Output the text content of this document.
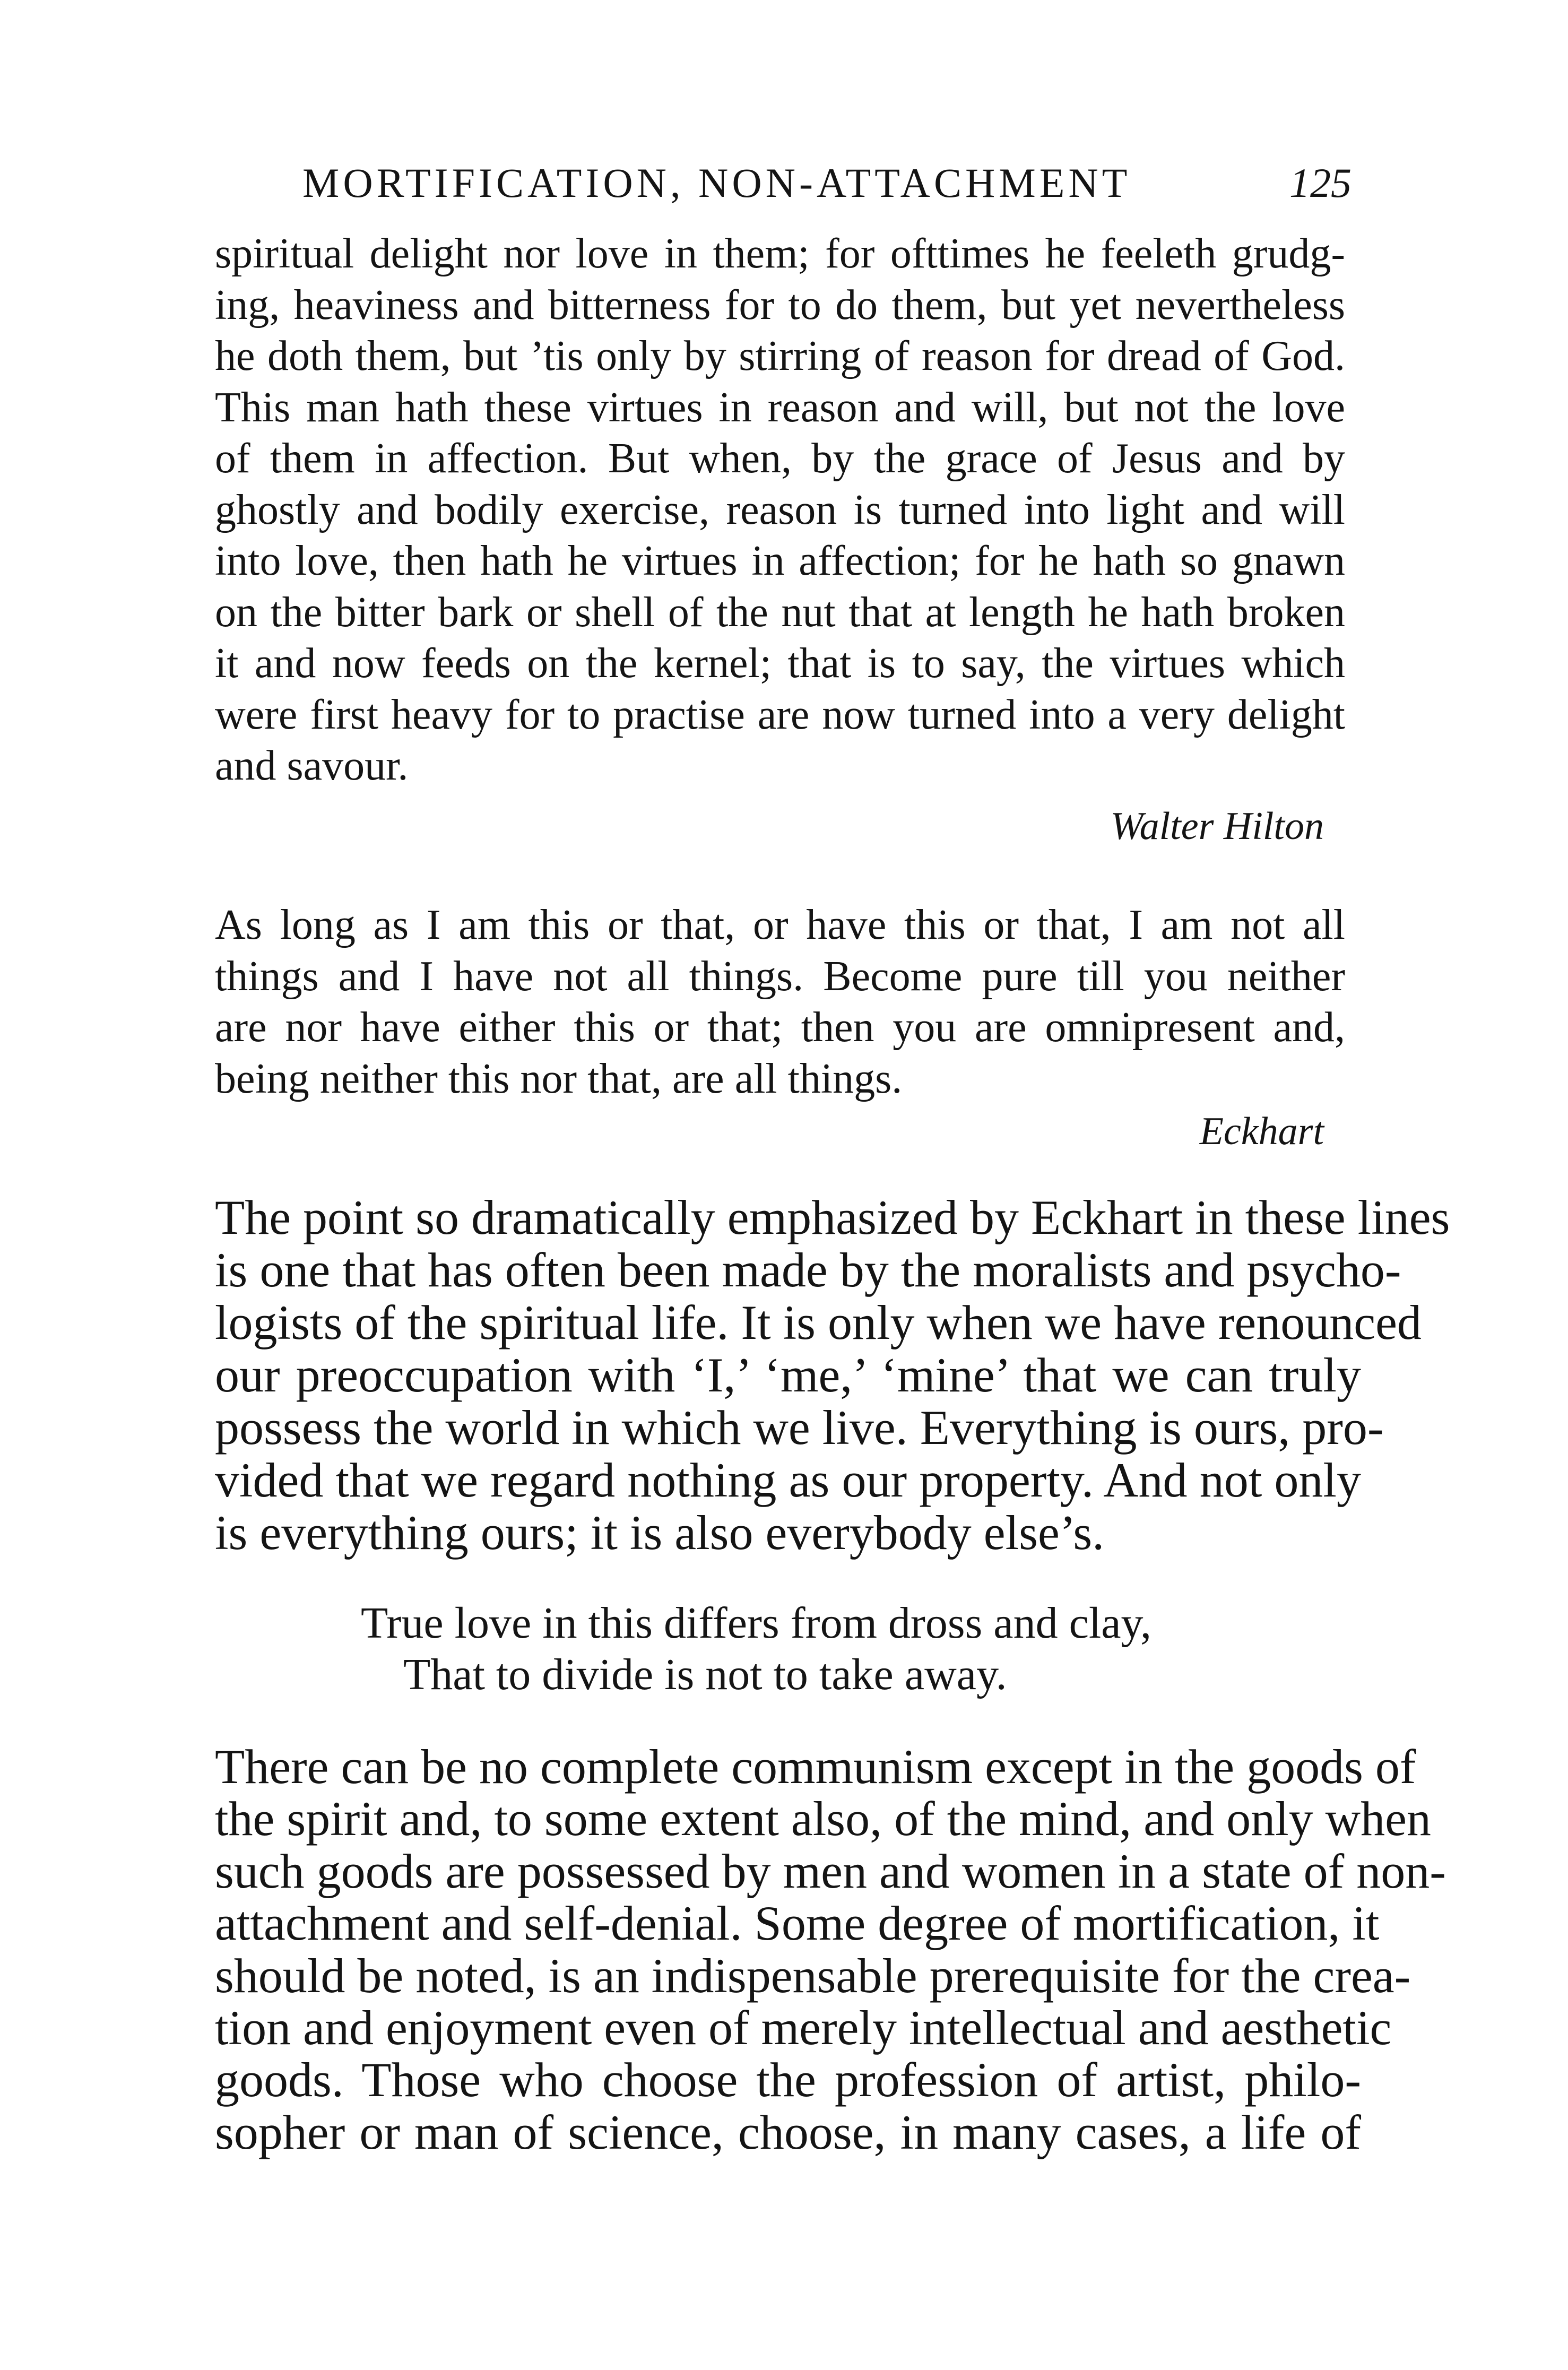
MORTIFICATION, NON-ATTACHMENT	125
spiritual delight nor love in them; for ofttimes he feeleth grudg-
ing, heaviness and bitterness for to do them, but yet nevertheless
he doth them, but ’tis only by stirring of reason for dread of God.
This man hath these virtues in reason and will, but not the love
of them in affection. But when, by the grace of Jesus and by
ghostly and bodily exercise, reason is turned into light and will
into love, then hath he virtues in affection; for he hath so gnawn
on the bitter bark or shell of the nut that at length he hath broken
it and now feeds on the kernel; that is to say, the virtues which
were first heavy for to practise are now turned into a very delight
and savour.
Walter Hilton
As long as I am this or that, or have this or that, I am not all
things and I have not all things. Become pure till you neither
are nor have either this or that; then you are omnipresent and,
being neither this nor that, are all things.
Eckhart
The point so dramatically emphasized by Eckhart in these lines
is one that has often been made by the moralists and psycho-
logists of the spiritual life. It is only when we have renounced
our preoccupation with ‘I,’ ‘me,’ ‘mine’ that we can truly
possess the world in which we live. Everything is ours, pro-
vided that we regard nothing as our property. And not only
is everything ours; it is also everybody else’s.
True love in this differs from dross and clay,
That to divide is not to take away.
There can be no complete communism except in the goods of
the spirit and, to some extent also, of the mind, and only when
such goods are possessed by men and women in a state of non-
attachment and self-denial. Some degree of mortification, it
should be noted, is an indispensable prerequisite for the crea-
tion and enjoyment even of merely intellectual and aesthetic
goods. Those who choose the profession of artist, philo-
sopher or man of science, choose, in many cases, a life of
